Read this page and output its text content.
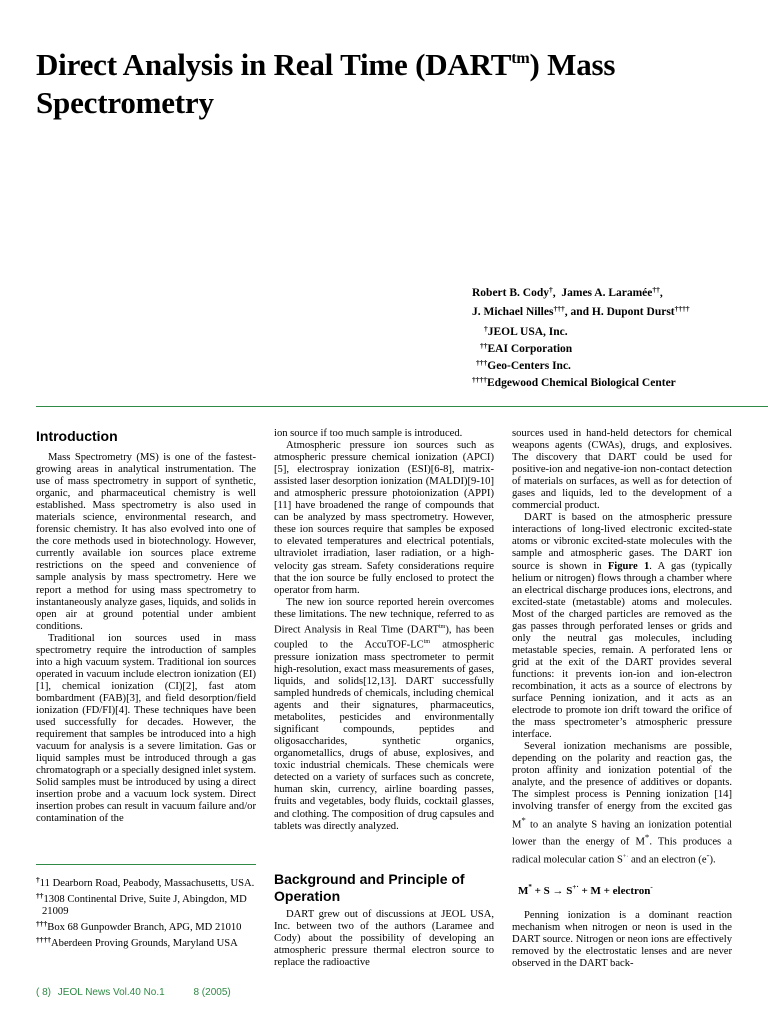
Direct Analysis in Real Time $(DART^{tm})$ Mass Spectrometry
Robert B. Cody†, James A. Laramée††,
J. Michael Nilles†††, and H. Dupont Durst††††
†JEOL USA, Inc.
††EAI Corporation
†††Geo-Centers Inc.
††††Edgewood Chemical Biological Center
Introduction

Mass Spectrometry (MS) is one of the fastest-growing areas in analytical instrumentation. The use of mass spectrometry in support of synthetic, organic, and pharmaceutical chemistry is well established. Mass spectrometry is also used in materials science, environmental research, and forensic chemistry. It has also evolved into one of the core methods used in biotechnology. However, currently available ion sources place extreme restrictions on the speed and convenience of sample analysis by mass spectrometry. Here we report a method for using mass spectrometry to instantaneously analyze gases, liquids, and solids in open air at ground potential under ambient conditions.

Traditional ion sources used in mass spectrometry require the introduction of samples into a high vacuum system. Traditional ion sources operated in vacuum include electron ionization (EI)[1], chemical ionization (CI)[2], fast atom bombardment (FAB)[3], and field desorption/field ionization (FD/FI)[4]. These techniques have been used successfully for decades. However, the requirement that samples be introduced into a high vacuum for analysis is a severe limitation. Gas or liquid samples must be introduced through a gas chromatograph or a specially designed inlet system. Solid samples must be introduced by using a direct insertion probe and a vacuum lock system. Direct insertion probes can result in vacuum failure and/or contamination of the

†11 Dearborn Road, Peabody, Massachusetts, USA.
††1308 Continental Drive, Suite J, Abingdon, MD 21009
†††Box 68 Gunpowder Branch, APG, MD 21010
††††Aberdeen Proving Grounds, Maryland USA

ion source if too much sample is introduced.

Atmospheric pressure ion sources such as atmospheric pressure chemical ionization (APCI)[5], electrospray ionization (ESI)[6-8], matrix-assisted laser desorption ionization (MALDI)[9-10] and atmospheric pressure photoionization (APPI)[11] have broadened the range of compounds that can be analyzed by mass spectrometry. However, these ion sources require that samples be exposed to elevated temperatures and electrical potentials, ultraviolet irradiation, laser radiation, or a high-velocity gas stream. Safety considerations require that the ion source be fully enclosed to protect the operator from harm.

The new ion source reported herein overcomes these limitations. The new technique, referred to as Direct Analysis in Real Time $(DART^{tm})$, has been coupled to the AccuTOF-$LC^{tm}$ atmospheric pressure ionization mass spectrometer to permit high-resolution, exact mass measurements of gases, liquids, and solids[12,13]. DART successfully sampled hundreds of chemicals, including chemical agents and their signatures, pharmaceutics, metabolites, pesticides and environmentally significant compounds, peptides and oligosaccharides, synthetic organics, organometallics, drugs of abuse, explosives, and toxic industrial chemicals. These chemicals were detected on a variety of surfaces such as concrete, human skin, currency, airline boarding passes, fruits and vegetables, body fluids, cocktail glasses, and clothing. The composition of drug capsules and tablets was directly analyzed.

Background and Principle of Operation

DART grew out of discussions at JEOL USA, Inc. between two of the authors (Laramee and Cody) about the possibility of developing an atmospheric pressure thermal electron source to replace the radioactive

sources used in hand-held detectors for chemical weapons agents (CWAs), drugs, and explosives. The discovery that DART could be used for positive-ion and negative-ion non-contact detection of materials on surfaces, as well as for detection of gases and liquids, led to the development of a commercial product.

DART is based on the atmospheric pressure interactions of long-lived electronic excited-state atoms or vibronic excited-state molecules with the sample and atmospheric gases. The DART ion source is shown in Figure 1. A gas (typically helium or nitrogen) flows through a chamber where an electrical discharge produces ions, electrons, and excited-state (metastable) atoms and molecules. Most of the charged particles are removed as the gas passes through perforated lenses or grids and only the neutral gas molecules, including metastable species, remain. A perforated lens or grid at the exit of the DART provides several functions: it prevents ion-ion and ion-electron recombination, it acts as a source of electrons by surface Penning ionization, and it acts as an electrode to promote ion drift toward the orifice of the mass spectrometer’s atmospheric pressure interface.

Several ionization mechanisms are possible, depending on the polarity and reaction gas, the proton affinity and ionization potential of the analyte, and the presence of additives or dopants. The simplest process is Penning ionization [14] involving transfer of energy from the excited gas M* to an analyte S having an ionization potential lower than the energy of M*. This produces a radical molecular cation S+· and an electron (e-).

M* + S → S+· + M + electron-

Penning ionization is a dominant reaction mechanism when nitrogen or neon is used in the DART source. Nitrogen or neon ions are effectively removed by the electrostatic lenses and are never observed in the DART back-

( 8) JEOL News Vol.40 No.1	8 (2005)
